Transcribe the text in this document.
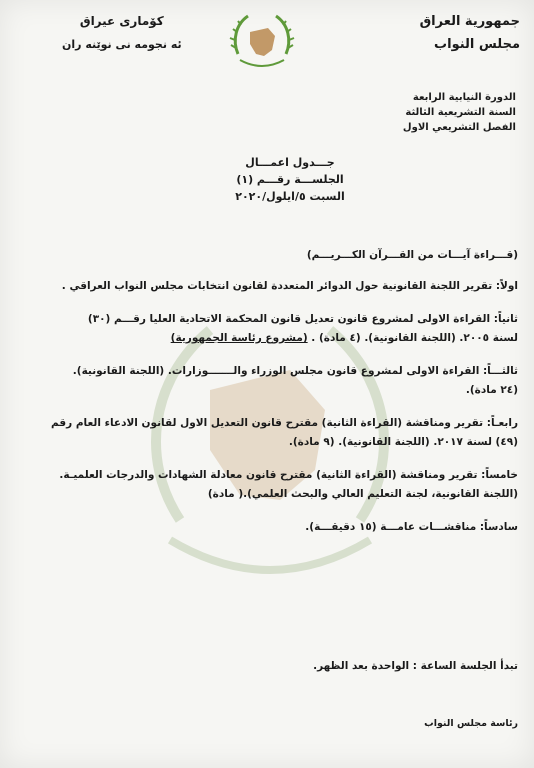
جمهورية العراق
مجلس النواب
كۆماری عیراق
ئه نجومه نی نوێنه ران
الدورة النيابية الرابعة
السنة التشريعية الثالثة
الفصل التشريعي الاول
جـــدول اعمـــال
الجلســـة رقـــم (١)
السبت ٥/ايلول/٢٠٢٠

(قـــراءة آيـــات من القـــرآن الكـــريـــم)

اولاً: تقرير اللجنة القانونية حول الدوائر المتعددة لقانون انتخابات مجلس النواب العراقي .

ثانياً: القراءة الاولى لمشروع قانون تعديل قانون المحكمة الاتحادية العليا رقـــم (٣٠)

لسنة ٢٠٠٥. (اللجنة القانونية). (٤ مادة) . (مشروع رئاسة الجمهورية)

ثالثـــاً: القراءة الاولى لمشروع قانون مجلس الوزراء والـــــــوزارات. (اللجنة القانونية).

(٢٤ مادة).

رابعـاً: تقرير ومناقشة (القراءة الثانية) مقترح قانون التعديل الاول لقانون الادعاء العام رقم

(٤٩) لسنة ٢٠١٧. (اللجنة القانونية). (٩ مادة).

خامساً: تقرير ومناقشة (القراءة الثانية) مقترح قانون معادلة الشهادات والدرجات العلميـة.

(اللجنة القانونية، لجنة التعليم العالي والبحث العلمي).( مادة)

سادساً: مناقشـــات عامـــة (١٥ دقيقـــة).

تبدأ الجلسة الساعة : الواحدة بعد الظهر.
رئاسة مجلس النواب
